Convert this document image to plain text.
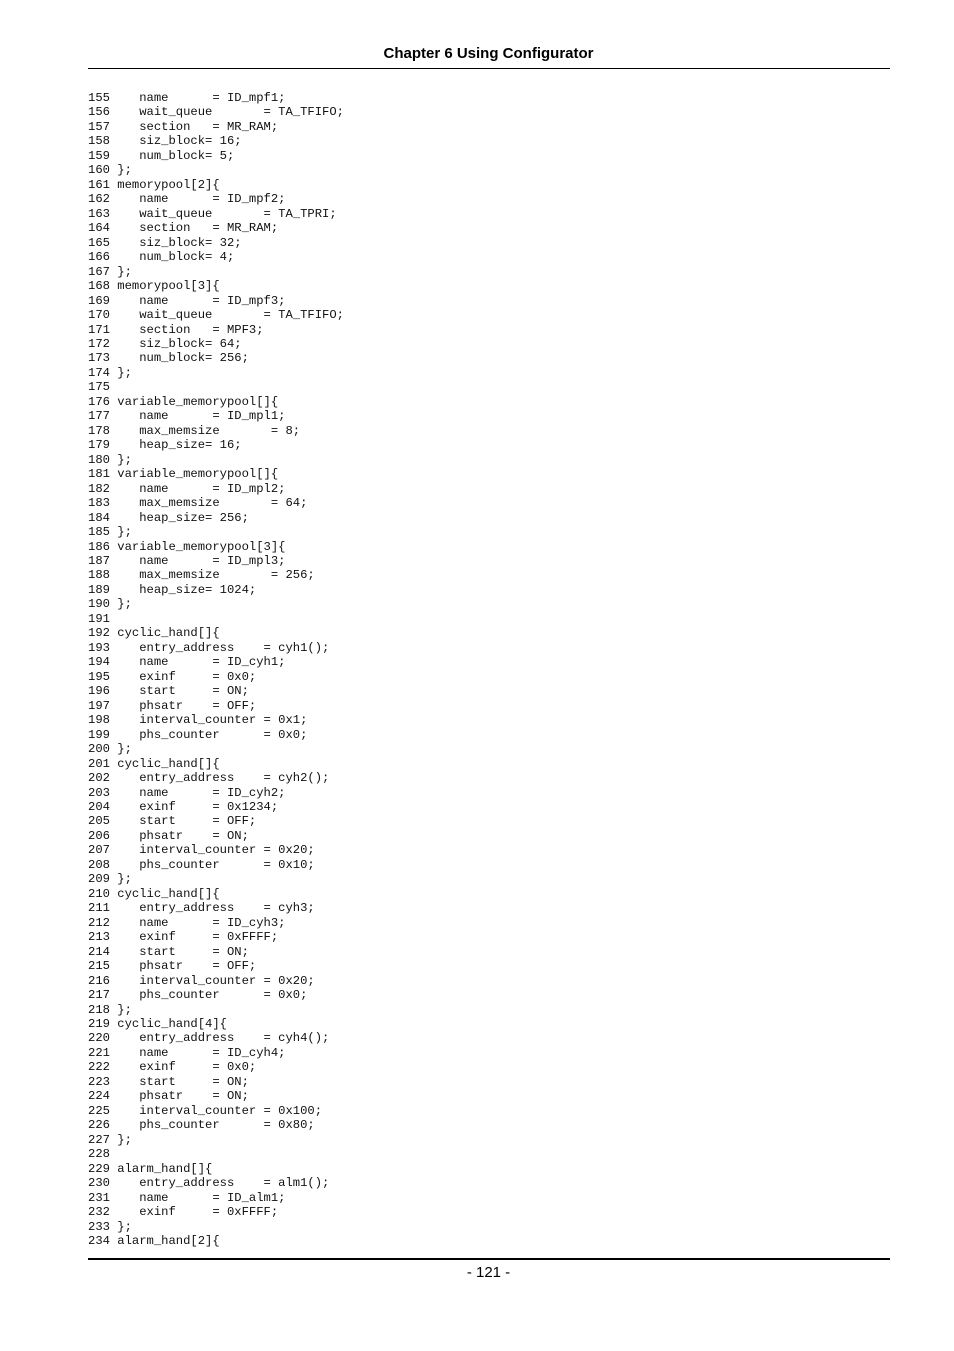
Chapter 6 Using Configurator
155    name      = ID_mpf1;
156    wait_queue       = TA_TFIFO;
157    section   = MR_RAM;
158    siz_block= 16;
159    num_block= 5;
160 };
161 memorypool[2]{
162    name      = ID_mpf2;
163    wait_queue       = TA_TPRI;
164    section   = MR_RAM;
165    siz_block= 32;
166    num_block= 4;
167 };
168 memorypool[3]{
169    name      = ID_mpf3;
170    wait_queue       = TA_TFIFO;
171    section   = MPF3;
172    siz_block= 64;
173    num_block= 256;
174 };
175
176 variable_memorypool[]{
177    name      = ID_mpl1;
178    max_memsize       = 8;
179    heap_size= 16;
180 };
181 variable_memorypool[]{
182    name      = ID_mpl2;
183    max_memsize       = 64;
184    heap_size= 256;
185 };
186 variable_memorypool[3]{
187    name      = ID_mpl3;
188    max_memsize       = 256;
189    heap_size= 1024;
190 };
191
192 cyclic_hand[]{
193    entry_address    = cyh1();
194    name      = ID_cyh1;
195    exinf     = 0x0;
196    start     = ON;
197    phsatr    = OFF;
198    interval_counter = 0x1;
199    phs_counter      = 0x0;
200 };
201 cyclic_hand[]{
202    entry_address    = cyh2();
203    name      = ID_cyh2;
204    exinf     = 0x1234;
205    start     = OFF;
206    phsatr    = ON;
207    interval_counter = 0x20;
208    phs_counter      = 0x10;
209 };
210 cyclic_hand[]{
211    entry_address    = cyh3;
212    name      = ID_cyh3;
213    exinf     = 0xFFFF;
214    start     = ON;
215    phsatr    = OFF;
216    interval_counter = 0x20;
217    phs_counter      = 0x0;
218 };
219 cyclic_hand[4]{
220    entry_address    = cyh4();
221    name      = ID_cyh4;
222    exinf     = 0x0;
223    start     = ON;
224    phsatr    = ON;
225    interval_counter = 0x100;
226    phs_counter      = 0x80;
227 };
228
229 alarm_hand[]{
230    entry_address    = alm1();
231    name      = ID_alm1;
232    exinf     = 0xFFFF;
233 };
234 alarm_hand[2]{
- 121 -
